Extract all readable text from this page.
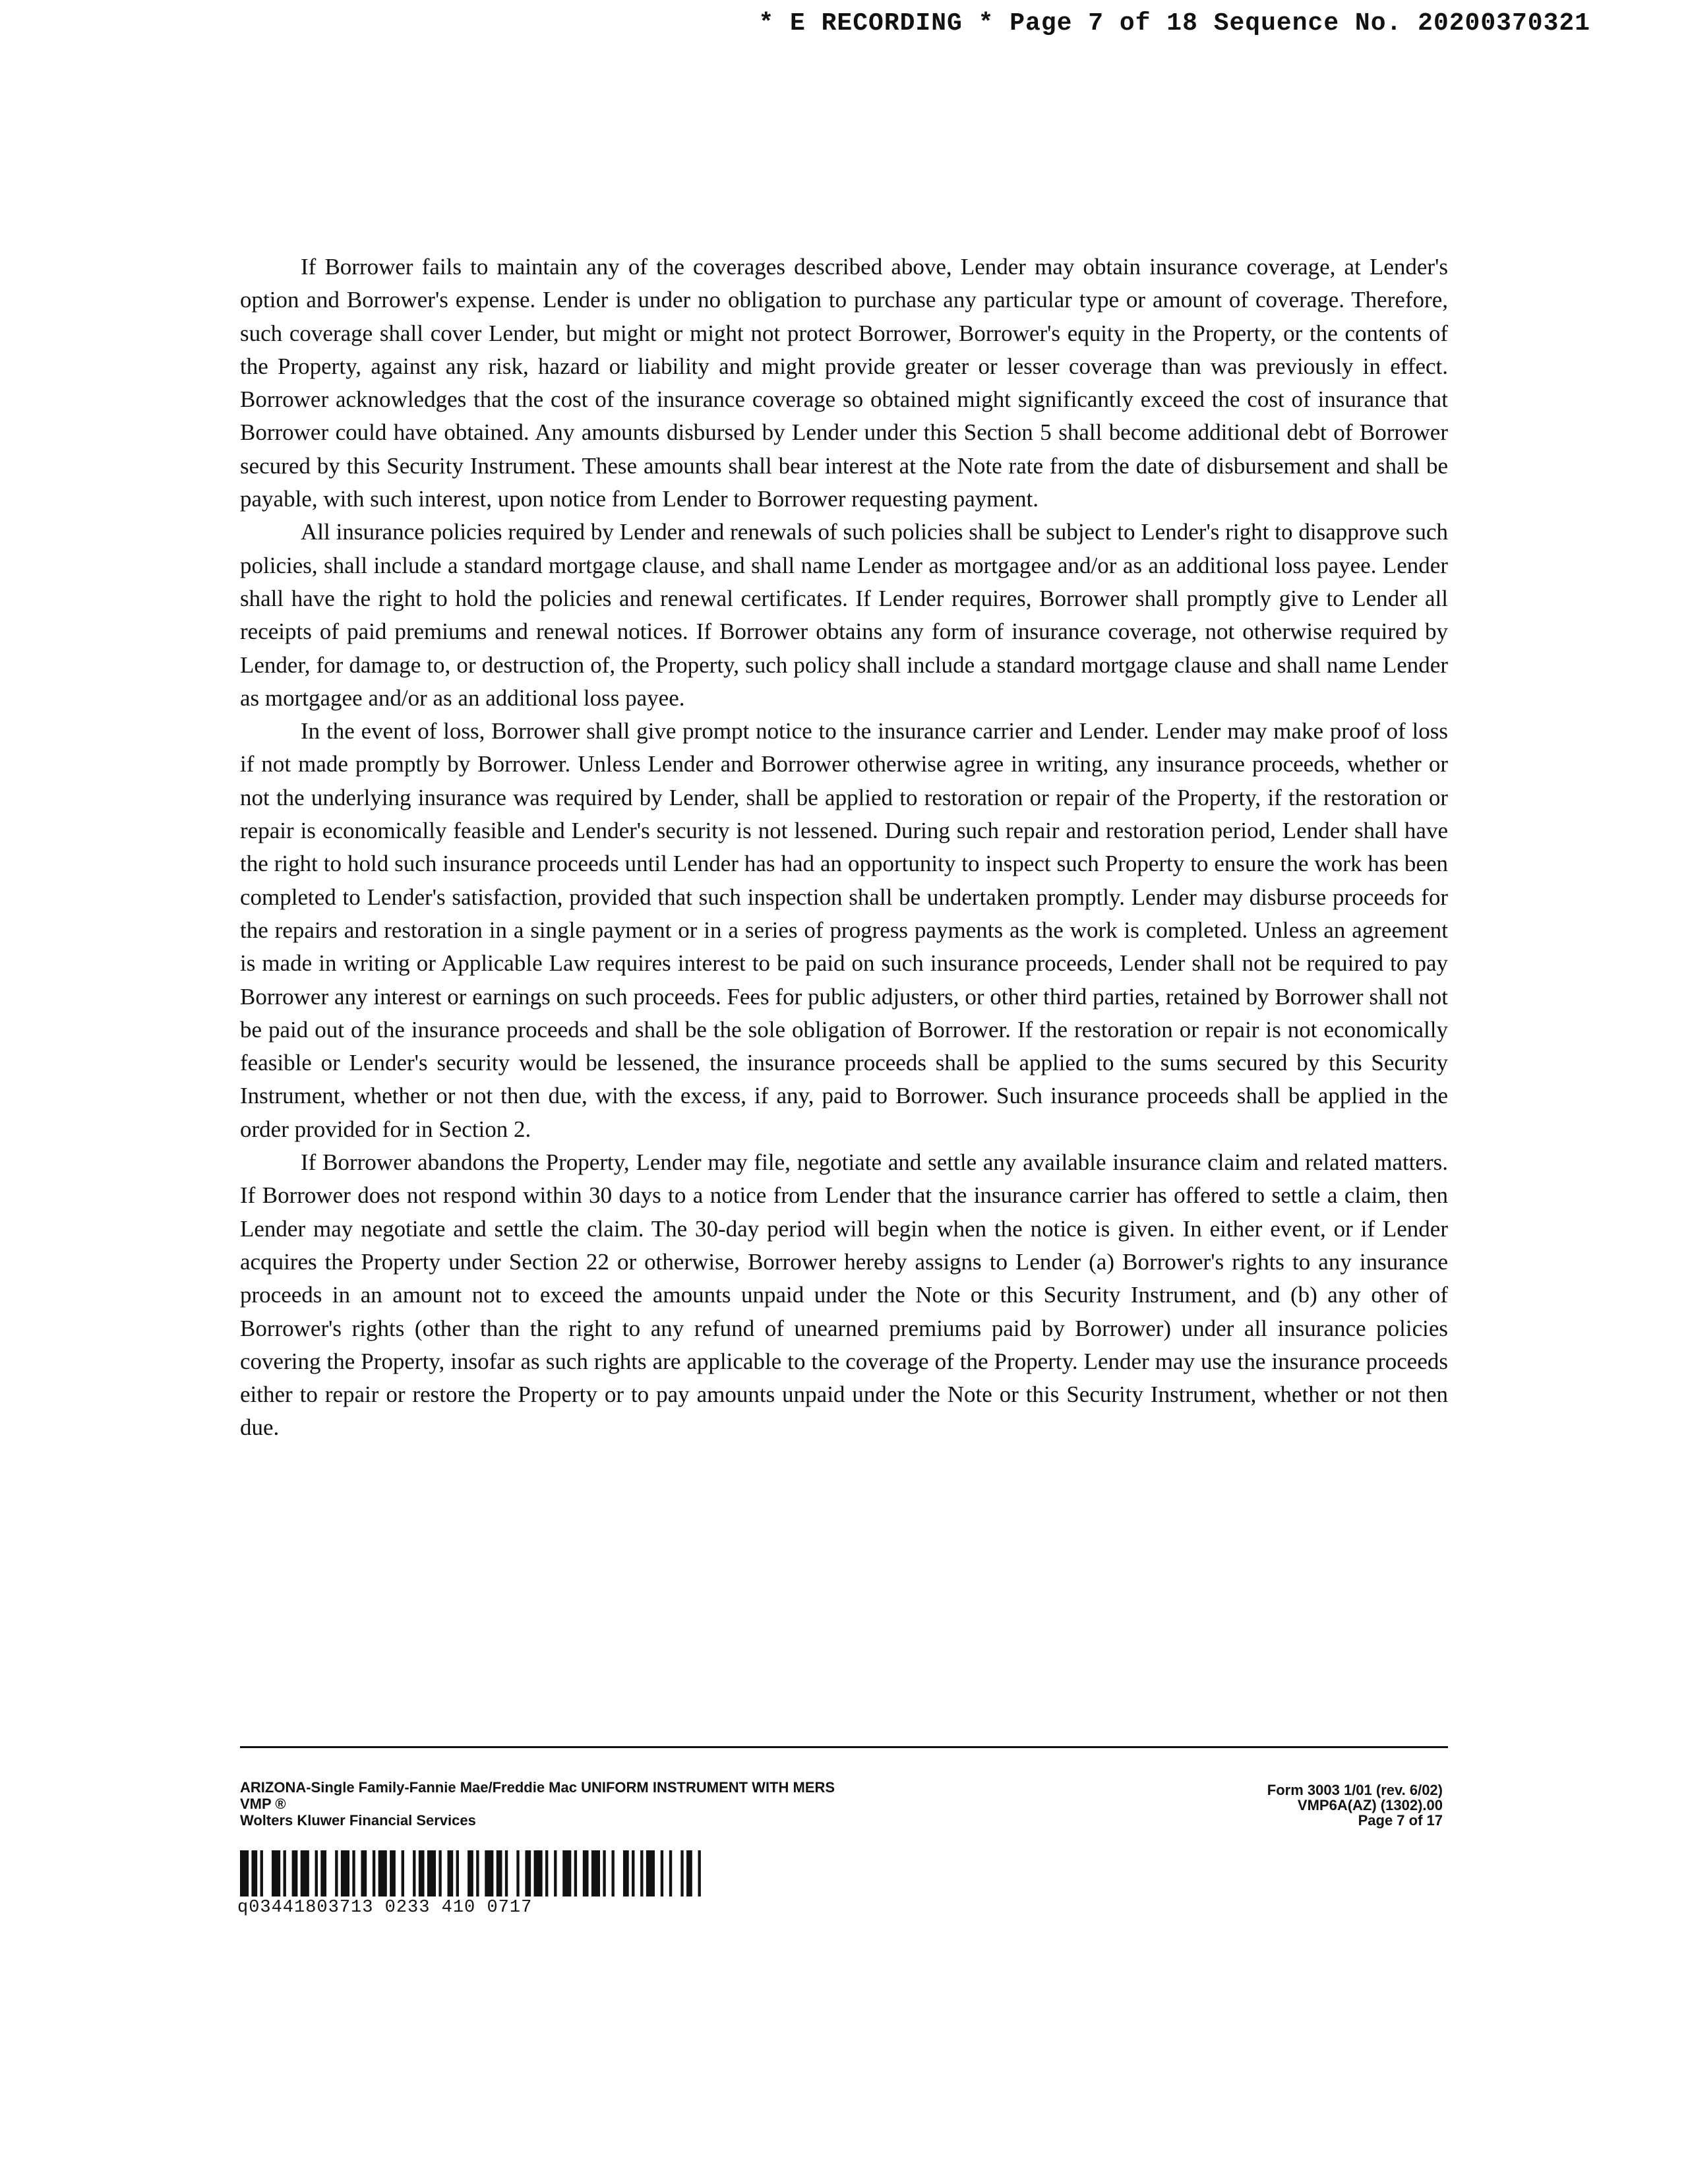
* E RECORDING * Page 7 of 18 Sequence No. 20200370321

If Borrower fails to maintain any of the coverages described above, Lender may obtain insurance coverage, at Lender's option and Borrower's expense. Lender is under no obligation to purchase any particular type or amount of coverage. Therefore, such coverage shall cover Lender, but might or might not protect Borrower, Borrower's equity in the Property, or the contents of the Property, against any risk, hazard or liability and might provide greater or lesser coverage than was previously in effect. Borrower acknowledges that the cost of the insurance coverage so obtained might significantly exceed the cost of insurance that Borrower could have obtained. Any amounts disbursed by Lender under this Section 5 shall become additional debt of Borrower secured by this Security Instrument. These amounts shall bear interest at the Note rate from the date of disbursement and shall be payable, with such interest, upon notice from Lender to Borrower requesting payment.

All insurance policies required by Lender and renewals of such policies shall be subject to Lender's right to disapprove such policies, shall include a standard mortgage clause, and shall name Lender as mortgagee and/or as an additional loss payee. Lender shall have the right to hold the policies and renewal certificates. If Lender requires, Borrower shall promptly give to Lender all receipts of paid premiums and renewal notices. If Borrower obtains any form of insurance coverage, not otherwise required by Lender, for damage to, or destruction of, the Property, such policy shall include a standard mortgage clause and shall name Lender as mortgagee and/or as an additional loss payee.

In the event of loss, Borrower shall give prompt notice to the insurance carrier and Lender. Lender may make proof of loss if not made promptly by Borrower. Unless Lender and Borrower otherwise agree in writing, any insurance proceeds, whether or not the underlying insurance was required by Lender, shall be applied to restoration or repair of the Property, if the restoration or repair is economically feasible and Lender's security is not lessened. During such repair and restoration period, Lender shall have the right to hold such insurance proceeds until Lender has had an opportunity to inspect such Property to ensure the work has been completed to Lender's satisfaction, provided that such inspection shall be undertaken promptly. Lender may disburse proceeds for the repairs and restoration in a single payment or in a series of progress payments as the work is completed. Unless an agreement is made in writing or Applicable Law requires interest to be paid on such insurance proceeds, Lender shall not be required to pay Borrower any interest or earnings on such proceeds. Fees for public adjusters, or other third parties, retained by Borrower shall not be paid out of the insurance proceeds and shall be the sole obligation of Borrower. If the restoration or repair is not economically feasible or Lender's security would be lessened, the insurance proceeds shall be applied to the sums secured by this Security Instrument, whether or not then due, with the excess, if any, paid to Borrower. Such insurance proceeds shall be applied in the order provided for in Section 2.

If Borrower abandons the Property, Lender may file, negotiate and settle any available insurance claim and related matters. If Borrower does not respond within 30 days to a notice from Lender that the insurance carrier has offered to settle a claim, then Lender may negotiate and settle the claim. The 30-day period will begin when the notice is given. In either event, or if Lender acquires the Property under Section 22 or otherwise, Borrower hereby assigns to Lender (a) Borrower's rights to any insurance proceeds in an amount not to exceed the amounts unpaid under the Note or this Security Instrument, and (b) any other of Borrower's rights (other than the right to any refund of unearned premiums paid by Borrower) under all insurance policies covering the Property, insofar as such rights are applicable to the coverage of the Property. Lender may use the insurance proceeds either to repair or restore the Property or to pay amounts unpaid under the Note or this Security Instrument, whether or not then due.

ARIZONA-Single Family-Fannie Mae/Freddie Mac UNIFORM INSTRUMENT WITH MERS
VMP ®
Wolters Kluwer Financial Services
Form 3003 1/01 (rev. 6/02)
VMP6A(AZ) (1302).00
Page 7 of 17
q03441803713 0233 410 0717
